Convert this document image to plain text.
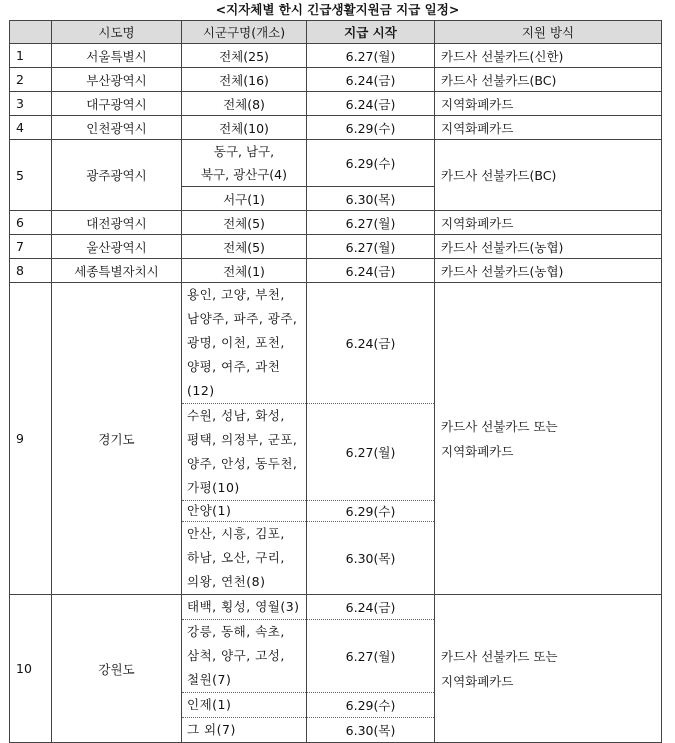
<지자체별 한시 긴급생활지원금 지급 일정>
	시도명	시군구명(개소)	지급 시작	지원 방식
1	서울특별시	전체(25)	6.27(월)	카드사 선불카드(신한)
2	부산광역시	전체(16)	6.24(금)	카드사 선불카드(BC)
3	대구광역시	전체(8)	6.24(금)	지역화폐카드
4	인천광역시	전체(10)	6.29(수)	지역화폐카드
5	광주광역시	동구, 남구,
북구, 광산구(4)	6.29(수)	카드사 선불카드(BC)
		서구(1)	6.30(목)	
6	대전광역시	전체(5)	6.27(월)	지역화폐카드
7	울산광역시	전체(5)	6.27(월)	카드사 선불카드(농협)
8	세종특별자치시	전체(1)	6.24(금)	카드사 선불카드(농협)
9	경기도	용인, 고양, 부천,
남양주, 파주, 광주,
광명, 이천, 포천,
양평, 여주, 과천(12)	6.24(금)	카드사 선불카드 또는
지역화폐카드

		수원, 성남, 화성,
평택, 의정부, 군포,
양주, 안성, 동두천,
가평(10)	6.27(월)	
		안양(1)	6.29(수)	

		안산, 시흥, 김포,
하남, 오산, 구리,
의왕, 연천(8)	6.30(목)	
10	강원도	태백, 횡성, 영월(3)	6.24(금)	카드사 선불카드 또는
지역화폐카드

		강릉, 동해, 속초,
삼척, 양구, 고성,
철원(7)	6.27(월)	
		인제(1)	6.29(수)	
		그 외(7)	6.30(목)	
